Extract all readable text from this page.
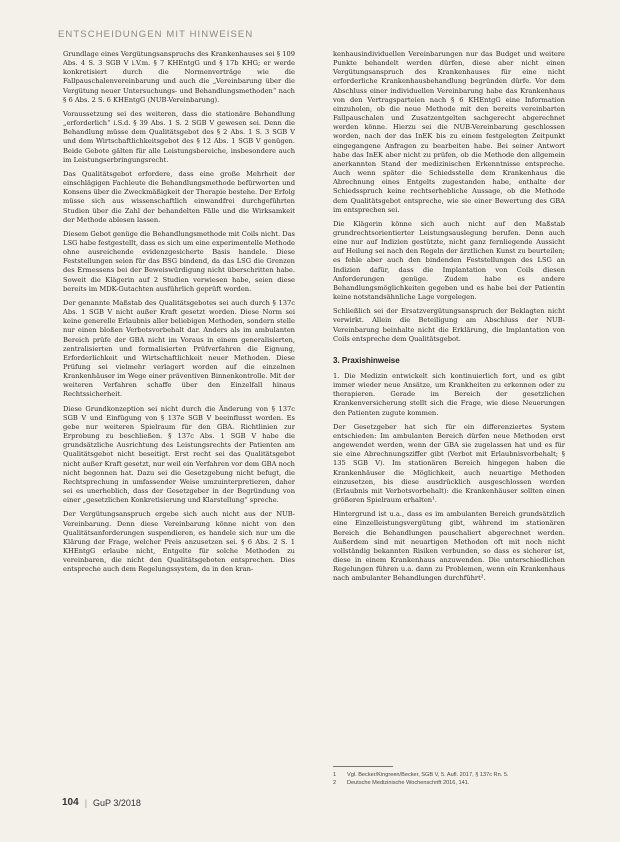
ENTSCHEIDUNGEN MIT HINWEISEN

Grundlage eines Vergütungsanspruchs des Krankenhauses sei § 109 Abs. 4 S. 3 SGB V i.V.m. § 7 KHEntgG und § 17b KHG; er werde konkretisiert durch die Normenverträge wie die Fallpauschalenvereinbarung und auch die „Vereinbarung über die Vergütung neuer Untersuchungs- und Behandlungsmethoden“ nach § 6 Abs. 2 S. 6 KHEntgG (NUB-Vereinbarung).

Voraussetzung sei des weiteren, dass die stationäre Behandlung „erforderlich“ i.S.d. § 39 Abs. 1 S. 2 SGB V gewesen sei. Denn die Behandlung müsse dem Qualitätsgebot des § 2 Abs. 1 S. 3 SGB V und dem Wirtschaftlichkeitsgebot des § 12 Abs. 1 SGB V genügen. Beide Gebote gälten für alle Leistungsbereiche, insbesondere auch im Leistungserbringungsrecht.

Das Qualitätsgebot erfordere, dass eine große Mehrheit der einschlägigen Fachleute die Behandlungsmethode befürworten und Konsens über die Zweckmäßigkeit der Therapie bestehe. Der Erfolg müsse sich aus wissenschaftlich einwandfrei durchgeführten Studien über die Zahl der behandelten Fälle und die Wirksamkeit der Methode ablesen lassen.

Diesem Gebot genüge die Behandlungsmethode mit Coils nicht. Das LSG habe festgestellt, dass es sich um eine experimentelle Methode ohne ausreichende evidenzgesicherte Basis handele. Diese Feststellungen seien für das BSG bindend, da das LSG die Grenzen des Ermessens bei der Beweiswürdigung nicht überschritten habe. Soweit die Klägerin auf 2 Studien verwiesen habe, seien diese bereits im MDK-Gutachten ausführlich geprüft worden.

Der genannte Maßstab des Qualitätsgebotes sei auch durch § 137c Abs. 1 SGB V nicht außer Kraft gesetzt worden. Diese Norm sei keine generelle Erlaubnis aller beliebigen Methoden, sondern stelle nur einen bloßen Verbotsvorbehalt dar. Anders als im ambulanten Bereich prüfe der GBA nicht im Voraus in einem generalisierten, zentralisierten und formalisierten Prüfverfahren die Eignung, Erforderlichkeit und Wirtschaftlichkeit neuer Methoden. Diese Prüfung sei vielmehr verlagert worden auf die einzelnen Krankenhäuser im Wege einer präventiven Binnenkontrolle. Mit der weiteren Verfahren schaffe über den Einzelfall hinaus Rechtssicherheit.

Diese Grundkonzeption sei nicht durch die Änderung von § 137c SGB V und Einfügung von § 137e SGB V beeinflusst worden. Es gebe nur weiteren Spielraum für den GBA. Richtlinien zur Erprobung zu beschließen. § 137c Abs. 1 SGB V habe die grundsätzliche Ausrichtung des Leistungsrechts der Patienten am Qualitätsgebot nicht beseitigt. Erst recht sei das Qualitätsgebot nicht außer Kraft gesetzt, nur weil ein Verfahren vor dem GBA noch nicht begonnen hat. Dazu sei die Gesetzgebung nicht befugt, die Rechtsprechung in umfassender Weise umzuinterpretieren, daher sei es unerheblich, dass der Gesetzgeber in der Begründung von einer „gesetzlichen Konkretisierung und Klarstellung“ spreche.

Der Vergütungsanspruch ergebe sich auch nicht aus der NUB-Vereinbarung. Denn diese Vereinbarung könne nicht von den Qualitätsanforderungen suspendieren, es handele sich nur um die Klärung der Frage, welcher Preis anzusetzen sei. § 6 Abs. 2 S. 1 KHEntgG erlaube nicht, Entgelte für solche Methoden zu vereinbaren, die nicht den Qualitätsgeboten entsprechen. Dies entspreche auch dem Regelungssystem, da in den kran-

kenhausindividuellen Vereinbarungen nur das Budget und weitere Punkte behandelt werden dürfen, diese aber nicht einen Vergütungsanspruch des Krankenhauses für eine nicht erforderliche Krankenhausbehandlung begründen dürfe. Vor dem Abschluss einer individuellen Vereinbarung habe das Krankenhaus von den Vertragsparteien nach § 6 KHEntgG eine Information einzuholen, ob die neue Methode mit den bereits vereinbarten Fallpauschalen und Zusatzentgelten sachgerecht abgerechnet werden könne. Hierzu sei die NUB-Vereinbarung geschlossen worden, nach der das InEK bis zu einem festgelegten Zeitpunkt eingegangene Anfragen zu bearbeiten habe. Bei seiner Antwort habe das InEK aber nicht zu prüfen, ob die Methode den allgemein anerkannten Stand der medizinischen Erkenntnisse entspreche. Auch wenn später die Schiedsstelle dem Krankenhaus die Abrechnung eines Entgelts zugestanden habe, enthalte der Schiedsspruch keine rechtserhebliche Aussage, ob die Methode dem Qualitätsgebot entspreche, wie sie einer Bewertung des GBA im entsprechen sei.

Die Klägerin könne sich auch nicht auf den Maßstab grundrechtsorientierter Leistungsauslegung berufen. Denn auch eine nur auf Indizien gestützte, nicht ganz fernliegende Aussicht auf Heilung sei nach den Regeln der ärztlichen Kunst zu beurteilen; es fehle aber auch den bindenden Feststellungen des LSG an Indizien dafür, dass die Implantation von Coils diesen Anforderungen genüge. Zudem habe es andere Behandlungsmöglichkeiten gegeben und es habe bei der Patientin keine notstandsähnliche Lage vorgelegen.

Schließlich sei der Ersatzvergütungsanspruch der Beklagten nicht verwirkt. Allein die Beteiligung am Abschluss der NUB-Vereinbarung beinhalte nicht die Erklärung, die Implantation von Coils entspreche dem Qualitätsgebot.

3. Praxishinweise

1. Die Medizin entwickelt sich kontinuierlich fort, und es gibt immer wieder neue Ansätze, um Krankheiten zu erkennen oder zu therapieren. Gerade im Bereich der gesetzlichen Krankenversicherung stellt sich die Frage, wie diese Neuerungen den Patienten zugute kommen.

Der Gesetzgeber hat sich für ein differenziertes System entschieden: Im ambulanten Bereich dürfen neue Methoden erst angewendet werden, wenn der GBA sie zugelassen hat und es für sie eine Abrechnungsziffer gibt (Verbot mit Erlaubnisvorbehalt; § 135 SGB V). Im stationären Bereich hingegen haben die Krankenhäuser die Möglichkeit, auch neuartige Methoden einzusetzen, bis diese ausdrücklich ausgeschlossen werden (Erlaubnis mit Verbotsvorbehalt): die Krankenhäuser sollten einen größeren Spielraum erhalten¹.

Hintergrund ist u.a., dass es im ambulanten Bereich grundsätzlich eine Einzelleistungsvergütung gibt, während im stationären Bereich die Behandlungen pauschaliert abgerechnet werden. Außerdem sind mit neuartigen Methoden oft mit noch nicht vollständig bekannten Risiken verbunden, so dass es sicherer ist, diese in einem Krankenhaus anzuwenden. Die unterschiedlichen Regelungen führen u.a. dann zu Problemen, wenn ein Krankenhaus nach ambulanter Behandlungen durchführt².

1	Vgl. Becker/Kingreen/Becker, SGB V, 5. Aufl. 2017, § 137c Rn. 5.
2	Deutsche Medizinische Wochenschrift 2016, 141.
104 | GuP 3/2018
